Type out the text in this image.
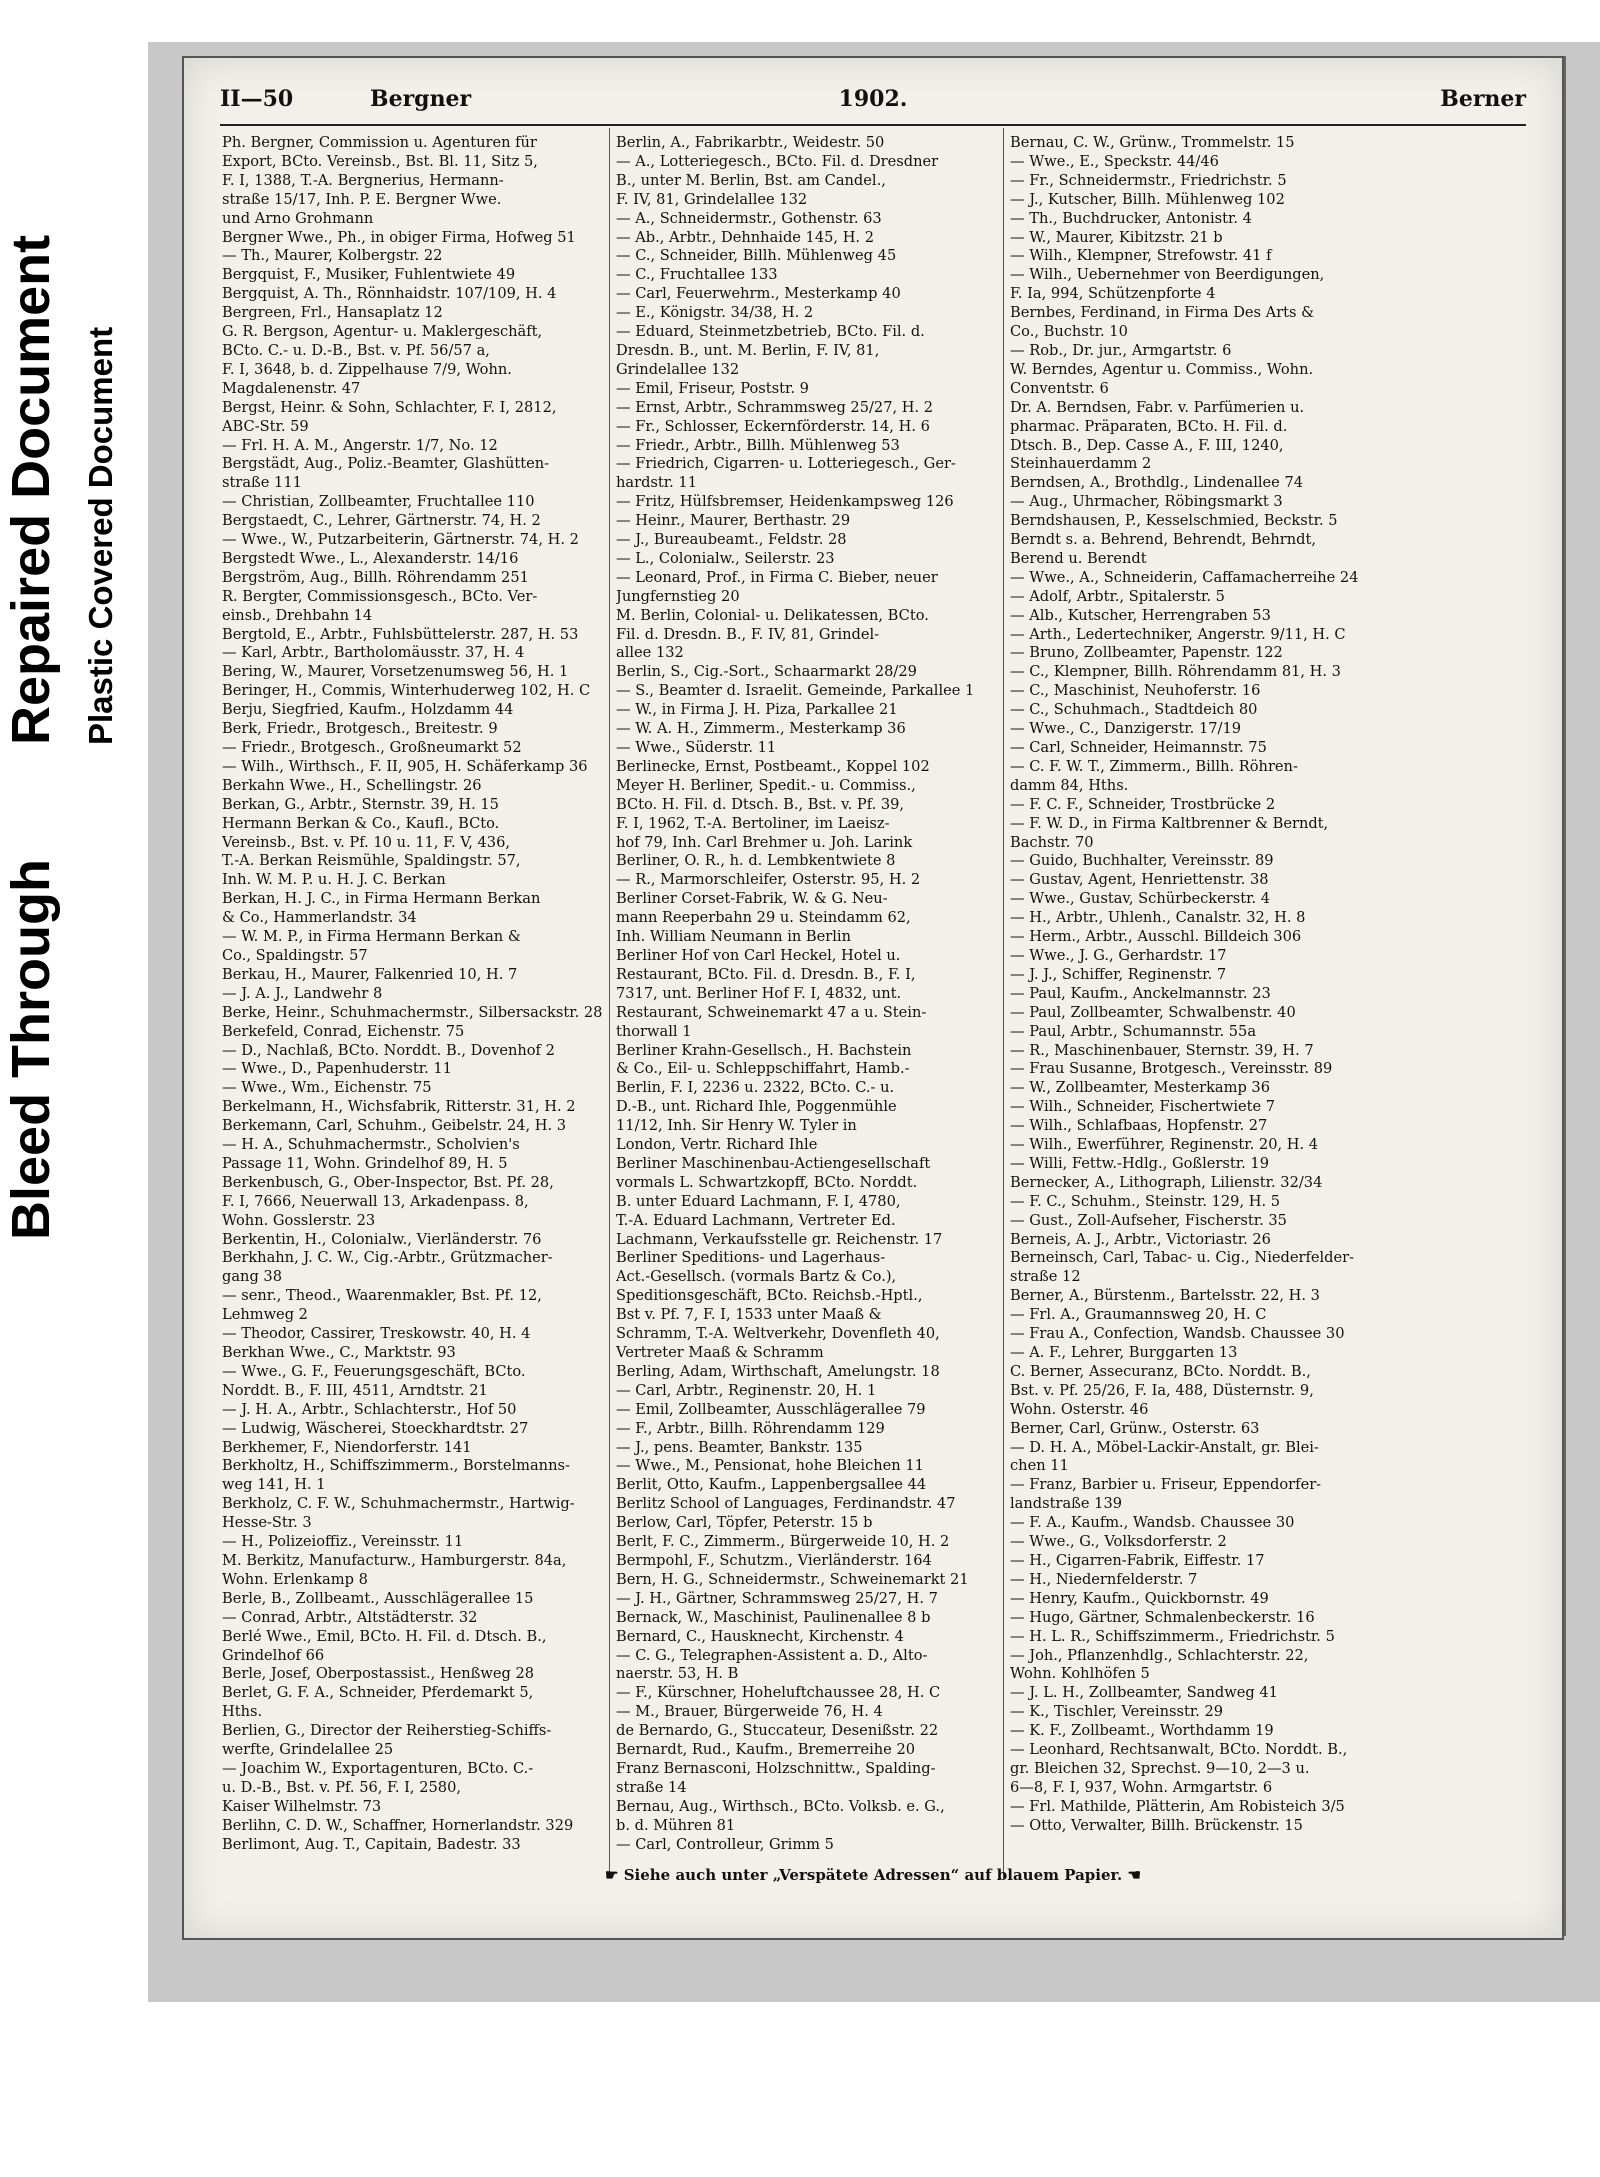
Bleed Through
Repaired Document Plastic Covered Document
II—50	Bergner	1902.	Berner

Ph. Bergner, Commission u. Agenturen für

Export, BCto. Vereinsb., Bst. Bl. 11, Sitz 5,

F. I, 1388, T.-A. Bergnerius, Hermann-

straße 15/17, Inh. P. E. Bergner Wwe.

und Arno Grohmann

Bergner Wwe., Ph., in obiger Firma, Hofweg 51

— Th., Maurer, Kolbergstr. 22

Bergquist, F., Musiker, Fuhlentwiete 49

Bergquist, A. Th., Rönnhaidstr. 107/109, H. 4

Bergreen, Frl., Hansaplatz 12

G. R. Bergson, Agentur- u. Maklergeschäft,

BCto. C.- u. D.-B., Bst. v. Pf. 56/57 a,

F. I, 3648, b. d. Zippelhause 7/9, Wohn.

Magdalenenstr. 47

Bergst, Heinr. & Sohn, Schlachter, F. I, 2812,

ABC-Str. 59

— Frl. H. A. M., Angerstr. 1/7, No. 12

Bergstädt, Aug., Poliz.-Beamter, Glashütten-

straße 111

— Christian, Zollbeamter, Fruchtallee 110

Bergstaedt, C., Lehrer, Gärtnerstr. 74, H. 2

— Wwe., W., Putzarbeiterin, Gärtnerstr. 74, H. 2

Bergstedt Wwe., L., Alexanderstr. 14/16

Bergström, Aug., Billh. Röhrendamm 251

R. Bergter, Commissionsgesch., BCto. Ver-

einsb., Drehbahn 14

Bergtold, E., Arbtr., Fuhlsbüttelerstr. 287, H. 53

— Karl, Arbtr., Bartholomäusstr. 37, H. 4

Bering, W., Maurer, Vorsetzenumsweg 56, H. 1

Beringer, H., Commis, Winterhuderweg 102, H. C

Berju, Siegfried, Kaufm., Holzdamm 44

Berk, Friedr., Brotgesch., Breitestr. 9

— Friedr., Brotgesch., Großneumarkt 52

— Wilh., Wirthsch., F. II, 905, H. Schäferkamp 36

Berkahn Wwe., H., Schellingstr. 26

Berkan, G., Arbtr., Sternstr. 39, H. 15

Hermann Berkan & Co., Kaufl., BCto.

Vereinsb., Bst. v. Pf. 10 u. 11, F. V, 436,

T.-A. Berkan Reismühle, Spaldingstr. 57,

Inh. W. M. P. u. H. J. C. Berkan

Berkan, H. J. C., in Firma Hermann Berkan

& Co., Hammerlandstr. 34

— W. M. P., in Firma Hermann Berkan &

Co., Spaldingstr. 57

Berkau, H., Maurer, Falkenried 10, H. 7

— J. A. J., Landwehr 8

Berke, Heinr., Schuhmachermstr., Silbersackstr. 28

Berkefeld, Conrad, Eichenstr. 75

— D., Nachlaß, BCto. Norddt. B., Dovenhof 2

— Wwe., D., Papenhuderstr. 11

— Wwe., Wm., Eichenstr. 75

Berkelmann, H., Wichsfabrik, Ritterstr. 31, H. 2

Berkemann, Carl, Schuhm., Geibelstr. 24, H. 3

— H. A., Schuhmachermstr., Scholvien's

Passage 11, Wohn. Grindelhof 89, H. 5

Berkenbusch, G., Ober-Inspector, Bst. Pf. 28,

F. I, 7666, Neuerwall 13, Arkadenpass. 8,

Wohn. Gosslerstr. 23

Berkentin, H., Colonialw., Vierländerstr. 76

Berkhahn, J. C. W., Cig.-Arbtr., Grützmacher-

gang 38

— senr., Theod., Waarenmakler, Bst. Pf. 12,

Lehmweg 2

— Theodor, Cassirer, Treskowstr. 40, H. 4

Berkhan Wwe., C., Marktstr. 93

— Wwe., G. F., Feuerungsgeschäft, BCto.

Norddt. B., F. III, 4511, Arndtstr. 21

— J. H. A., Arbtr., Schlachterstr., Hof 50

— Ludwig, Wäscherei, Stoeckhardtstr. 27

Berkhemer, F., Niendorferstr. 141

Berkholtz, H., Schiffszimmerm., Borstelmanns-

weg 141, H. 1

Berkholz, C. F. W., Schuhmachermstr., Hartwig-

Hesse-Str. 3

— H., Polizeioffiz., Vereinsstr. 11

M. Berkitz, Manufacturw., Hamburgerstr. 84a,

Wohn. Erlenkamp 8

Berle, B., Zollbeamt., Ausschlägerallee 15

— Conrad, Arbtr., Altstädterstr. 32

Berlé Wwe., Emil, BCto. H. Fil. d. Dtsch. B.,

Grindelhof 66

Berle, Josef, Oberpostassist., Henßweg 28

Berlet, G. F. A., Schneider, Pferdemarkt 5,

Hths.

Berlien, G., Director der Reiherstieg-Schiffs-

werfte, Grindelallee 25

— Joachim W., Exportagenturen, BCto. C.-

u. D.-B., Bst. v. Pf. 56, F. I, 2580,

Kaiser Wilhelmstr. 73

Berlihn, C. D. W., Schaffner, Hornerlandstr. 329

Berlimont, Aug. T., Capitain, Badestr. 33

Berlin, A., Fabrikarbtr., Weidestr. 50

— A., Lotteriegesch., BCto. Fil. d. Dresdner

B., unter M. Berlin, Bst. am Candel.,

F. IV, 81, Grindelallee 132

— A., Schneidermstr., Gothenstr. 63

— Ab., Arbtr., Dehnhaide 145, H. 2

— C., Schneider, Billh. Mühlenweg 45

— C., Fruchtallee 133

— Carl, Feuerwehrm., Mesterkamp 40

— E., Königstr. 34/38, H. 2

— Eduard, Steinmetzbetrieb, BCto. Fil. d.

Dresdn. B., unt. M. Berlin, F. IV, 81,

Grindelallee 132

— Emil, Friseur, Poststr. 9

— Ernst, Arbtr., Schrammsweg 25/27, H. 2

— Fr., Schlosser, Eckernförderstr. 14, H. 6

— Friedr., Arbtr., Billh. Mühlenweg 53

— Friedrich, Cigarren- u. Lotteriegesch., Ger-

hardstr. 11

— Fritz, Hülfsbremser, Heidenkampsweg 126

— Heinr., Maurer, Berthastr. 29

— J., Bureaubeamt., Feldstr. 28

— L., Colonialw., Seilerstr. 23

— Leonard, Prof., in Firma C. Bieber, neuer

Jungfernstieg 20

M. Berlin, Colonial- u. Delikatessen, BCto.

Fil. d. Dresdn. B., F. IV, 81, Grindel-

allee 132

Berlin, S., Cig.-Sort., Schaarmarkt 28/29

— S., Beamter d. Israelit. Gemeinde, Parkallee 1

— W., in Firma J. H. Piza, Parkallee 21

— W. A. H., Zimmerm., Mesterkamp 36

— Wwe., Süderstr. 11

Berlinecke, Ernst, Postbeamt., Koppel 102

Meyer H. Berliner, Spedit.- u. Commiss.,

BCto. H. Fil. d. Dtsch. B., Bst. v. Pf. 39,

F. I, 1962, T.-A. Bertoliner, im Laeisz-

hof 79, Inh. Carl Brehmer u. Joh. Larink

Berliner, O. R., h. d. Lembkentwiete 8

— R., Marmorschleifer, Osterstr. 95, H. 2

Berliner Corset-Fabrik, W. & G. Neu-

mann Reeperbahn 29 u. Steindamm 62,

Inh. William Neumann in Berlin

Berliner Hof von Carl Heckel, Hotel u.

Restaurant, BCto. Fil. d. Dresdn. B., F. I,

7317, unt. Berliner Hof F. I, 4832, unt.

Restaurant, Schweinemarkt 47 a u. Stein-

thorwall 1

Berliner Krahn-Gesellsch., H. Bachstein

& Co., Eil- u. Schleppschiffahrt, Hamb.-

Berlin, F. I, 2236 u. 2322, BCto. C.- u.

D.-B., unt. Richard Ihle, Poggenmühle

11/12, Inh. Sir Henry W. Tyler in

London, Vertr. Richard Ihle

Berliner Maschinenbau-Actiengesellschaft

vormals L. Schwartzkopff, BCto. Norddt.

B. unter Eduard Lachmann, F. I, 4780,

T.-A. Eduard Lachmann, Vertreter Ed.

Lachmann, Verkaufsstelle gr. Reichenstr. 17

Berliner Speditions- und Lagerhaus-

Act.-Gesellsch. (vormals Bartz & Co.),

Speditionsgeschäft, BCto. Reichsb.-Hptl.,

Bst v. Pf. 7, F. I, 1533 unter Maaß &

Schramm, T.-A. Weltverkehr, Dovenfleth 40,

Vertreter Maaß & Schramm

Berling, Adam, Wirthschaft, Amelungstr. 18

— Carl, Arbtr., Reginenstr. 20, H. 1

— Emil, Zollbeamter, Ausschlägerallee 79

— F., Arbtr., Billh. Röhrendamm 129

— J., pens. Beamter, Bankstr. 135

— Wwe., M., Pensionat, hohe Bleichen 11

Berlit, Otto, Kaufm., Lappenbergsallee 44

Berlitz School of Languages, Ferdinandstr. 47

Berlow, Carl, Töpfer, Peterstr. 15 b

Berlt, F. C., Zimmerm., Bürgerweide 10, H. 2

Bermpohl, F., Schutzm., Vierländerstr. 164

Bern, H. G., Schneidermstr., Schweinemarkt 21

— J. H., Gärtner, Schrammsweg 25/27, H. 7

Bernack, W., Maschinist, Paulinenallee 8 b

Bernard, C., Hausknecht, Kirchenstr. 4

— C. G., Telegraphen-Assistent a. D., Alto-

naerstr. 53, H. B

— F., Kürschner, Hoheluftchaussee 28, H. C

— M., Brauer, Bürgerweide 76, H. 4

de Bernardo, G., Stuccateur, Desenißstr. 22

Bernardt, Rud., Kaufm., Bremerreihe 20

Franz Bernasconi, Holzschnittw., Spalding-

straße 14

Bernau, Aug., Wirthsch., BCto. Volksb. e. G.,

b. d. Mühren 81

— Carl, Controlleur, Grimm 5

Bernau, C. W., Grünw., Trommelstr. 15

— Wwe., E., Speckstr. 44/46

— Fr., Schneidermstr., Friedrichstr. 5

— J., Kutscher, Billh. Mühlenweg 102

— Th., Buchdrucker, Antonistr. 4

— W., Maurer, Kibitzstr. 21 b

— Wilh., Klempner, Strefowstr. 41 f

— Wilh., Uebernehmer von Beerdigungen,

F. Ia, 994, Schützenpforte 4

Bernbes, Ferdinand, in Firma Des Arts &

Co., Buchstr. 10

— Rob., Dr. jur., Armgartstr. 6

W. Berndes, Agentur u. Commiss., Wohn.

Conventstr. 6

Dr. A. Berndsen, Fabr. v. Parfümerien u.

pharmac. Präparaten, BCto. H. Fil. d.

Dtsch. B., Dep. Casse A., F. III, 1240,

Steinhauerdamm 2

Berndsen, A., Brothdlg., Lindenallee 74

— Aug., Uhrmacher, Röbingsmarkt 3

Berndshausen, P., Kesselschmied, Beckstr. 5

Berndt s. a. Behrend, Behrendt, Behrndt,

Berend u. Berendt

— Wwe., A., Schneiderin, Caffamacherreihe 24

— Adolf, Arbtr., Spitalerstr. 5

— Alb., Kutscher, Herrengraben 53

— Arth., Ledertechniker, Angerstr. 9/11, H. C

— Bruno, Zollbeamter, Papenstr. 122

— C., Klempner, Billh. Röhrendamm 81, H. 3

— C., Maschinist, Neuhoferstr. 16

— C., Schuhmach., Stadtdeich 80

— Wwe., C., Danzigerstr. 17/19

— Carl, Schneider, Heimannstr. 75

— C. F. W. T., Zimmerm., Billh. Röhren-

damm 84, Hths.

— F. C. F., Schneider, Trostbrücke 2

— F. W. D., in Firma Kaltbrenner & Berndt,

Bachstr. 70

— Guido, Buchhalter, Vereinsstr. 89

— Gustav, Agent, Henriettenstr. 38

— Wwe., Gustav, Schürbeckerstr. 4

— H., Arbtr., Uhlenh., Canalstr. 32, H. 8

— Herm., Arbtr., Ausschl. Billdeich 306

— Wwe., J. G., Gerhardstr. 17

— J. J., Schiffer, Reginenstr. 7

— Paul, Kaufm., Anckelmannstr. 23

— Paul, Zollbeamter, Schwalbenstr. 40

— Paul, Arbtr., Schumannstr. 55a

— R., Maschinenbauer, Sternstr. 39, H. 7

— Frau Susanne, Brotgesch., Vereinsstr. 89

— W., Zollbeamter, Mesterkamp 36

— Wilh., Schneider, Fischertwiete 7

— Wilh., Schlafbaas, Hopfenstr. 27

— Wilh., Ewerführer, Reginenstr. 20, H. 4

— Willi, Fettw.-Hdlg., Goßlerstr. 19

Bernecker, A., Lithograph, Lilienstr. 32/34

— F. C., Schuhm., Steinstr. 129, H. 5

— Gust., Zoll-Aufseher, Fischerstr. 35

Berneis, A. J., Arbtr., Victoriastr. 26

Berneinsch, Carl, Tabac- u. Cig., Niederfelder-

straße 12

Berner, A., Bürstenm., Bartelsstr. 22, H. 3

— Frl. A., Graumannsweg 20, H. C

— Frau A., Confection, Wandsb. Chaussee 30

— A. F., Lehrer, Burggarten 13

C. Berner, Assecuranz, BCto. Norddt. B.,

Bst. v. Pf. 25/26, F. Ia, 488, Düsternstr. 9,

Wohn. Osterstr. 46

Berner, Carl, Grünw., Osterstr. 63

— D. H. A., Möbel-Lackir-Anstalt, gr. Blei-

chen 11

— Franz, Barbier u. Friseur, Eppendorfer-

landstraße 139

— F. A., Kaufm., Wandsb. Chaussee 30

— Wwe., G., Volksdorferstr. 2

— H., Cigarren-Fabrik, Eiffestr. 17

— H., Niedernfelderstr. 7

— Henry, Kaufm., Quickbornstr. 49

— Hugo, Gärtner, Schmalenbeckerstr. 16

— H. L. R., Schiffszimmerm., Friedrichstr. 5

— Joh., Pflanzenhdlg., Schlachterstr. 22,

Wohn. Kohlhöfen 5

— J. L. H., Zollbeamter, Sandweg 41

— K., Tischler, Vereinsstr. 29

— K. F., Zollbeamt., Worthdamm 19

— Leonhard, Rechtsanwalt, BCto. Norddt. B.,

gr. Bleichen 32, Sprechst. 9—10, 2—3 u.

6—8, F. I, 937, Wohn. Armgartstr. 6

— Frl. Mathilde, Plätterin, Am Robisteich 3/5

— Otto, Verwalter, Billh. Brückenstr. 15

☛ Siehe auch unter „Verspätete Adressen“ auf blauem Papier. ☚
